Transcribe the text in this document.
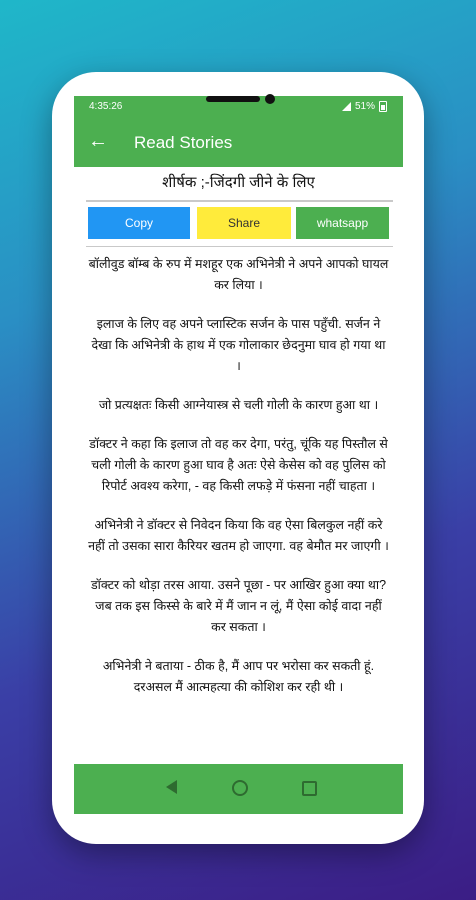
4:35:26	51%
← Read Stories
शीर्षक ;-जिंदगी जीने के लिए
Copy	Share	whatsapp

बॉलीवुड बॉम्ब के रुप में मशहूर एक अभिनेत्री ने अपने आपको घायल कर लिया ।

इलाज के लिए वह अपने प्लास्टिक सर्जन के पास पहुँची. सर्जन ने देखा कि अभिनेत्री के हाथ में एक गोलाकार छेदनुमा घाव हो गया था ।

जो प्रत्यक्षतः किसी आग्नेयास्त्र से चली गोली के कारण हुआ था ।

डॉक्टर ने कहा कि इलाज तो वह कर देगा, परंतु, चूंकि यह पिस्तौल से चली गोली के कारण हुआ घाव है अतः ऐसे केसेस को वह पुलिस को रिपोर्ट अवश्य करेगा, - वह किसी लफड़े में फंसना नहीं चाहता ।

अभिनेत्री ने डॉक्टर से निवेदन किया कि वह ऐसा बिलकुल नहीं करे नहीं तो उसका सारा कैरियर खतम हो जाएगा. वह बेमौत मर जाएगी ।

डॉक्टर को थोड़ा तरस आया. उसने पूछा - पर आखिर हुआ क्या था? जब तक इस किस्से के बारे में मैं जान न लूं, मैं ऐसा कोई वादा नहीं कर सकता ।

अभिनेत्री ने बताया - ठीक है, मैं आप पर भरोसा कर सकती हूं. दरअसल मैं आत्महत्या की कोशिश कर रही थी ।
